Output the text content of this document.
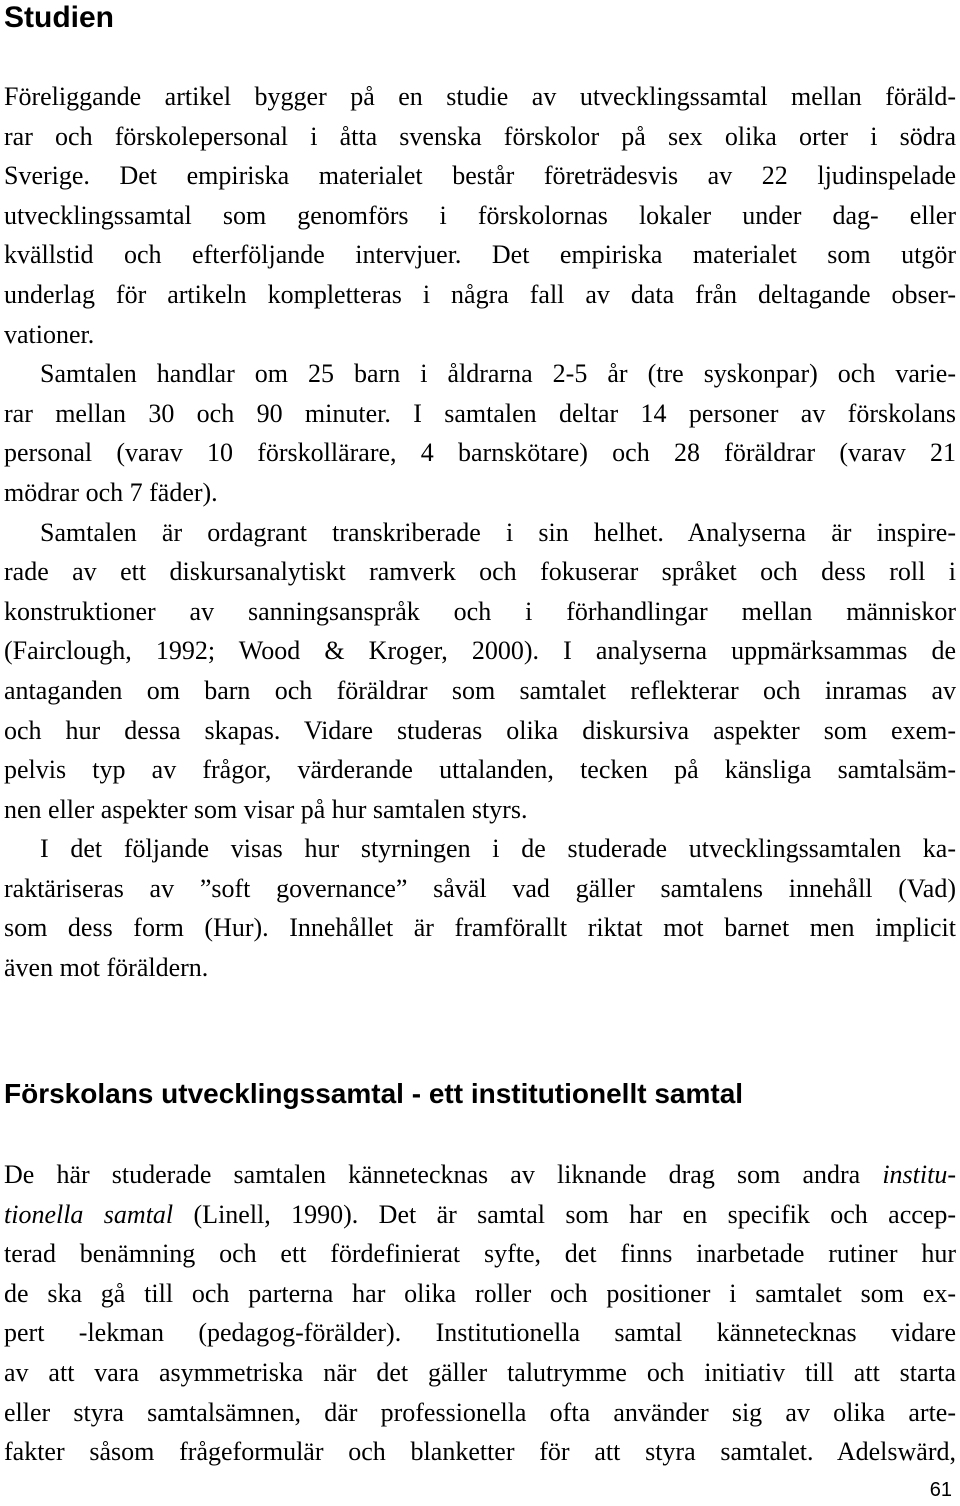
Studien
Föreliggande artikel bygger på en studie av utvecklingssamtal mellan föräld-
rar och förskolepersonal i åtta svenska förskolor på sex olika orter i södra
Sverige. Det empiriska materialet består företrädesvis av 22 ljudinspelade
utvecklingssamtal som genomförs i förskolornas lokaler under dag- eller
kvällstid och efterföljande intervjuer. Det empiriska materialet som utgör
underlag för artikeln kompletteras i några fall av data från deltagande obser-
vationer.
Samtalen handlar om 25 barn i åldrarna 2-5 år (tre syskonpar) och varie-
rar mellan 30 och 90 minuter. I samtalen deltar 14 personer av förskolans
personal (varav 10 förskollärare, 4 barnskötare) och 28 föräldrar (varav 21
mödrar och 7 fäder).
Samtalen är ordagrant transkriberade i sin helhet. Analyserna är inspire-
rade av ett diskursanalytiskt ramverk och fokuserar språket och dess roll i
konstruktioner av sanningsanspråk och i förhandlingar mellan människor
(Fairclough, 1992; Wood & Kroger, 2000). I analyserna uppmärksammas de
antaganden om barn och föräldrar som samtalet reflekterar och inramas av
och hur dessa skapas. Vidare studeras olika diskursiva aspekter som exem-
pelvis typ av frågor, värderande uttalanden, tecken på känsliga samtalsäm-
nen eller aspekter som visar på hur samtalen styrs.
I det följande visas hur styrningen i de studerade utvecklingssamtalen ka-
raktäriseras av ”soft governance” såväl vad gäller samtalens innehåll (Vad)
som dess form (Hur). Innehållet är framförallt riktat mot barnet men implicit
även mot föräldern.
Förskolans utvecklingssamtal - ett institutionellt samtal
De här studerade samtalen kännetecknas av liknande drag som andra institu-
tionella samtal (Linell, 1990). Det är samtal som har en specifik och accep-
terad benämning och ett fördefinierat syfte, det finns inarbetade rutiner hur
de ska gå till och parterna har olika roller och positioner i samtalet som ex-
pert -lekman (pedagog-förälder). Institutionella samtal kännetecknas vidare
av att vara asymmetriska när det gäller talutrymme och initiativ till att starta
eller styra samtalsämnen, där professionella ofta använder sig av olika arte-
fakter såsom frågeformulär och blanketter för att styra samtalet. Adelswärd,
61
